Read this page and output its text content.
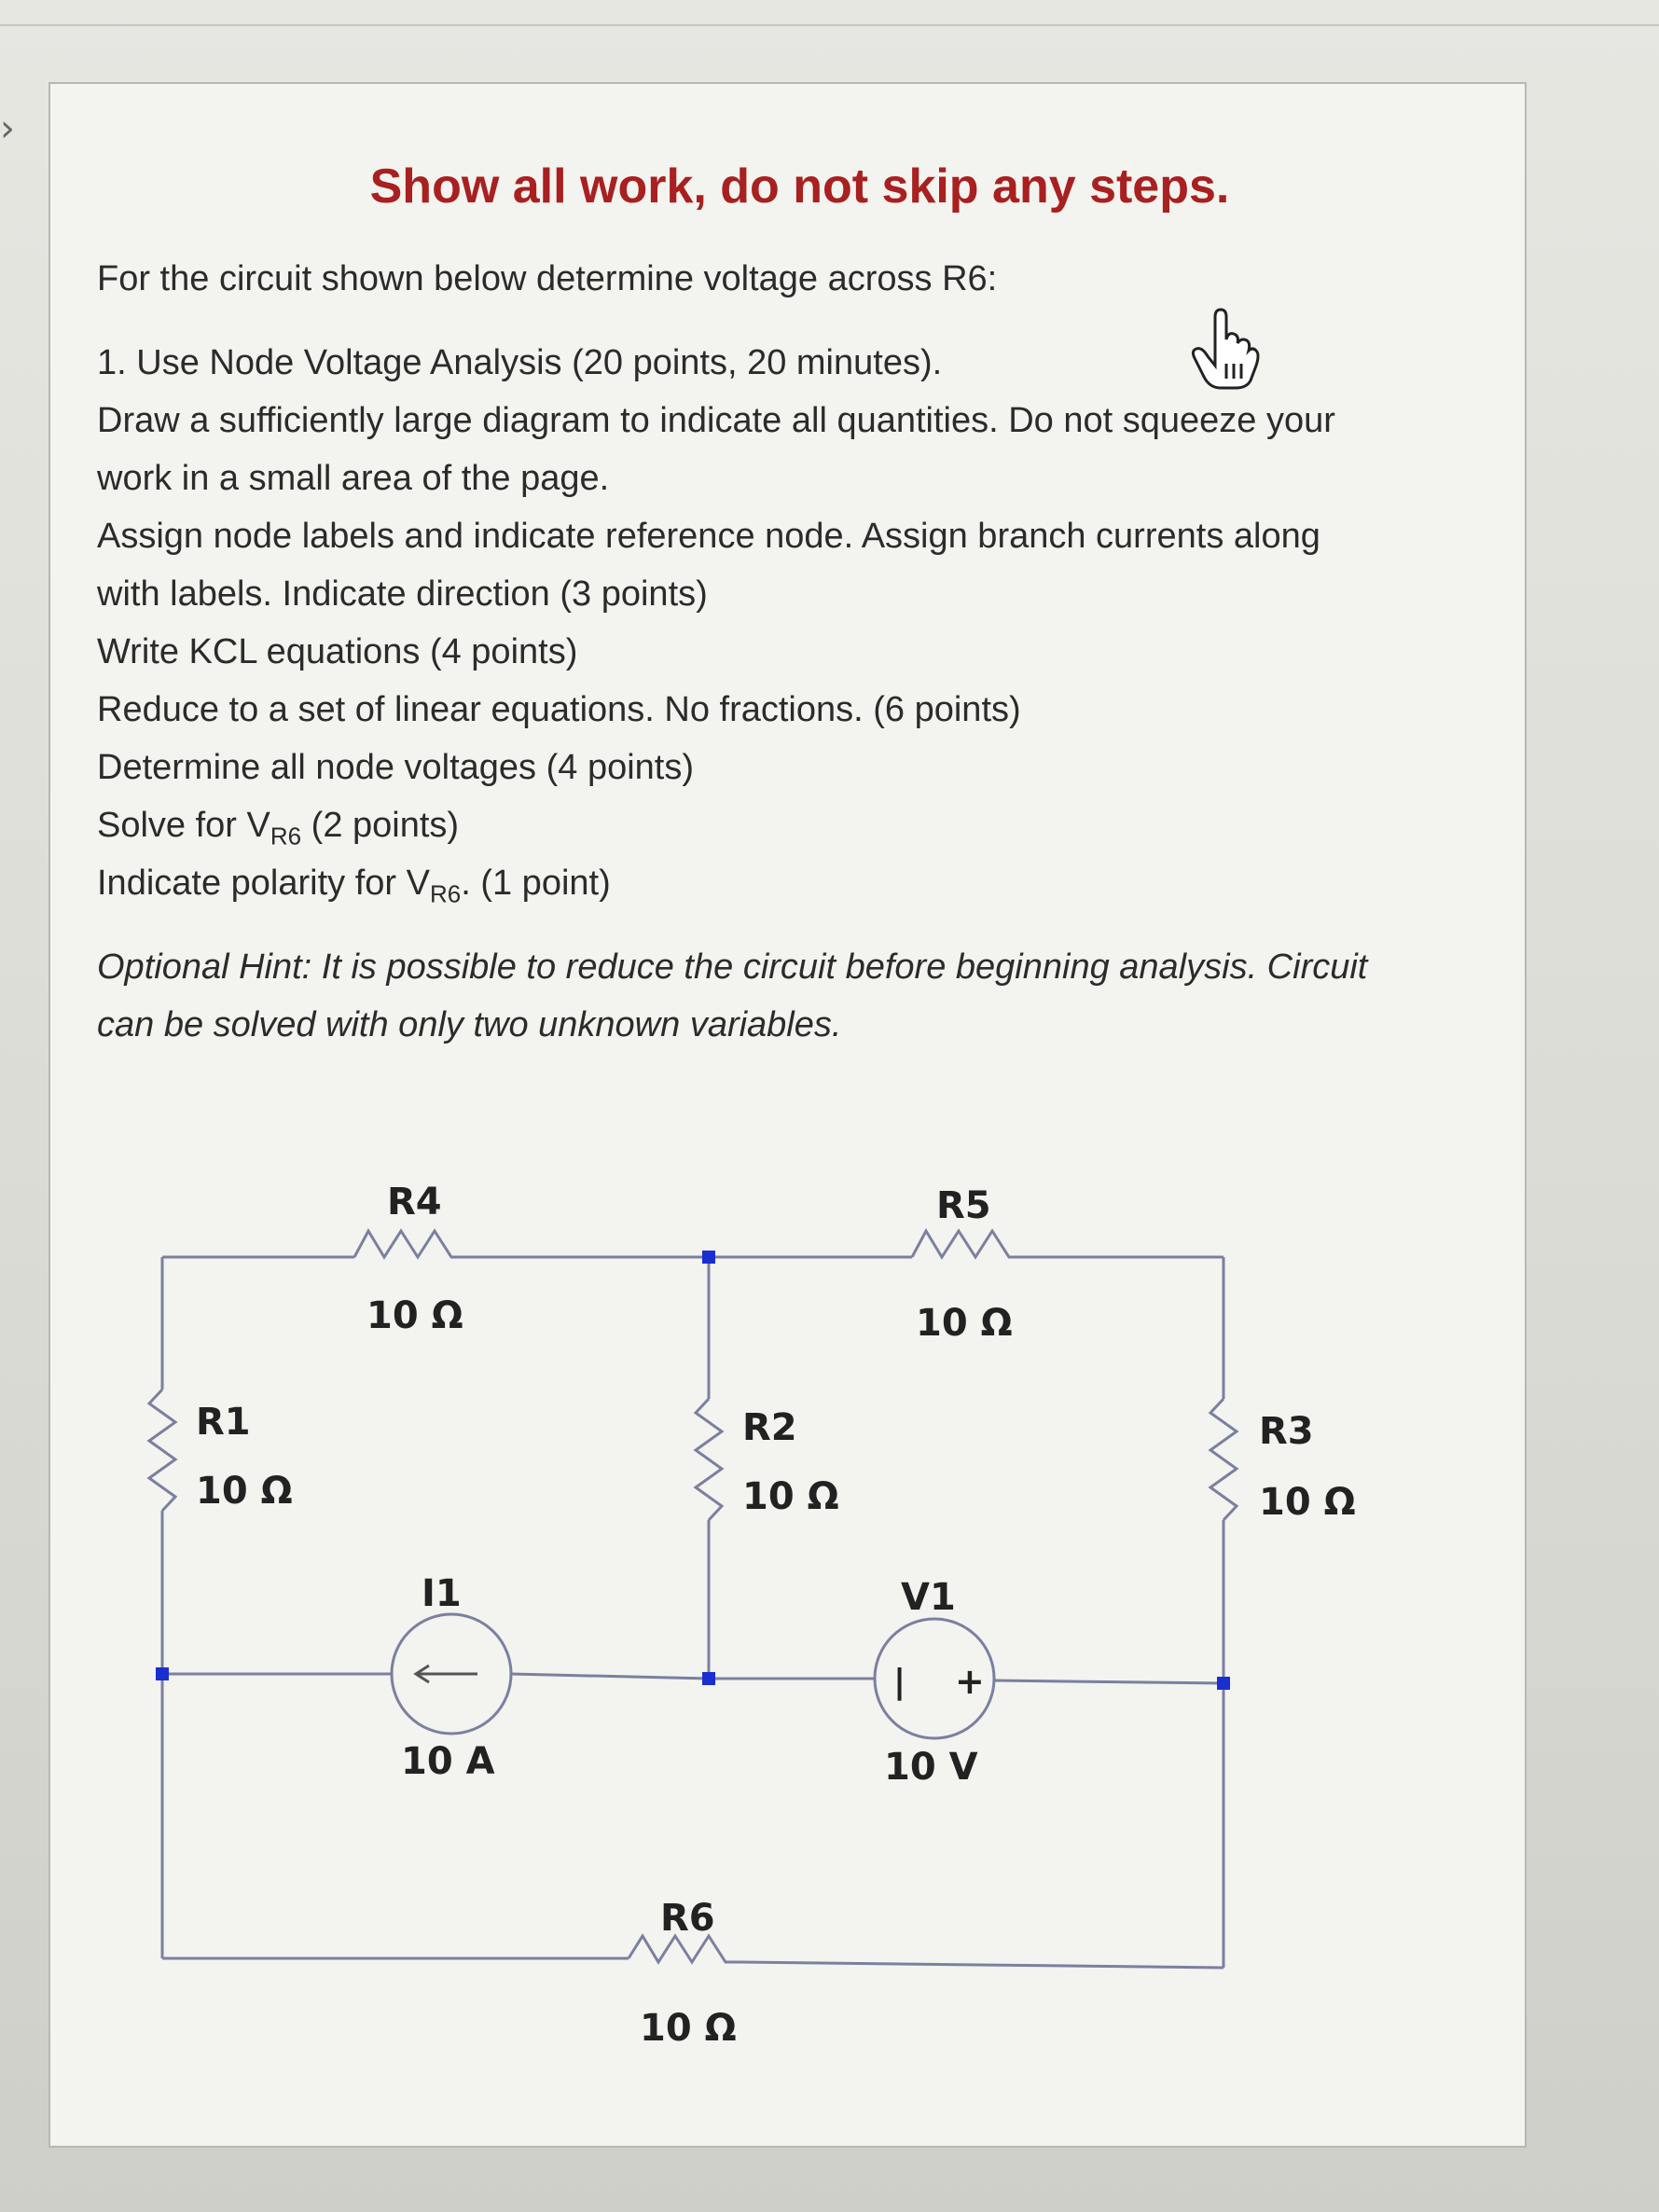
›
Show all work, do not skip any steps.
For the circuit shown below determine voltage across R6:
1. Use Node Voltage Analysis (20 points, 20 minutes).
Draw a sufficiently large diagram to indicate all quantities. Do not squeeze your
work in a small area of the page.
Assign node labels and indicate reference node. Assign branch currents along
with labels. Indicate direction (3 points)
Write KCL equations (4 points)
Reduce to a set of linear equations. No fractions. (6 points)
Determine all node voltages (4 points)
Solve for $V_{R6}$ (2 points)
Indicate polarity for $V_{R6}$. (1 point)
Optional Hint: It is possible to reduce the circuit before beginning analysis. Circuit
can be solved with only two unknown variables.
R4
10 Ω
R5
10 Ω
R1
10 Ω
R2
10 Ω
R3
10 Ω
I1
10 A
V1
10 V
| +
R6
10 Ω
